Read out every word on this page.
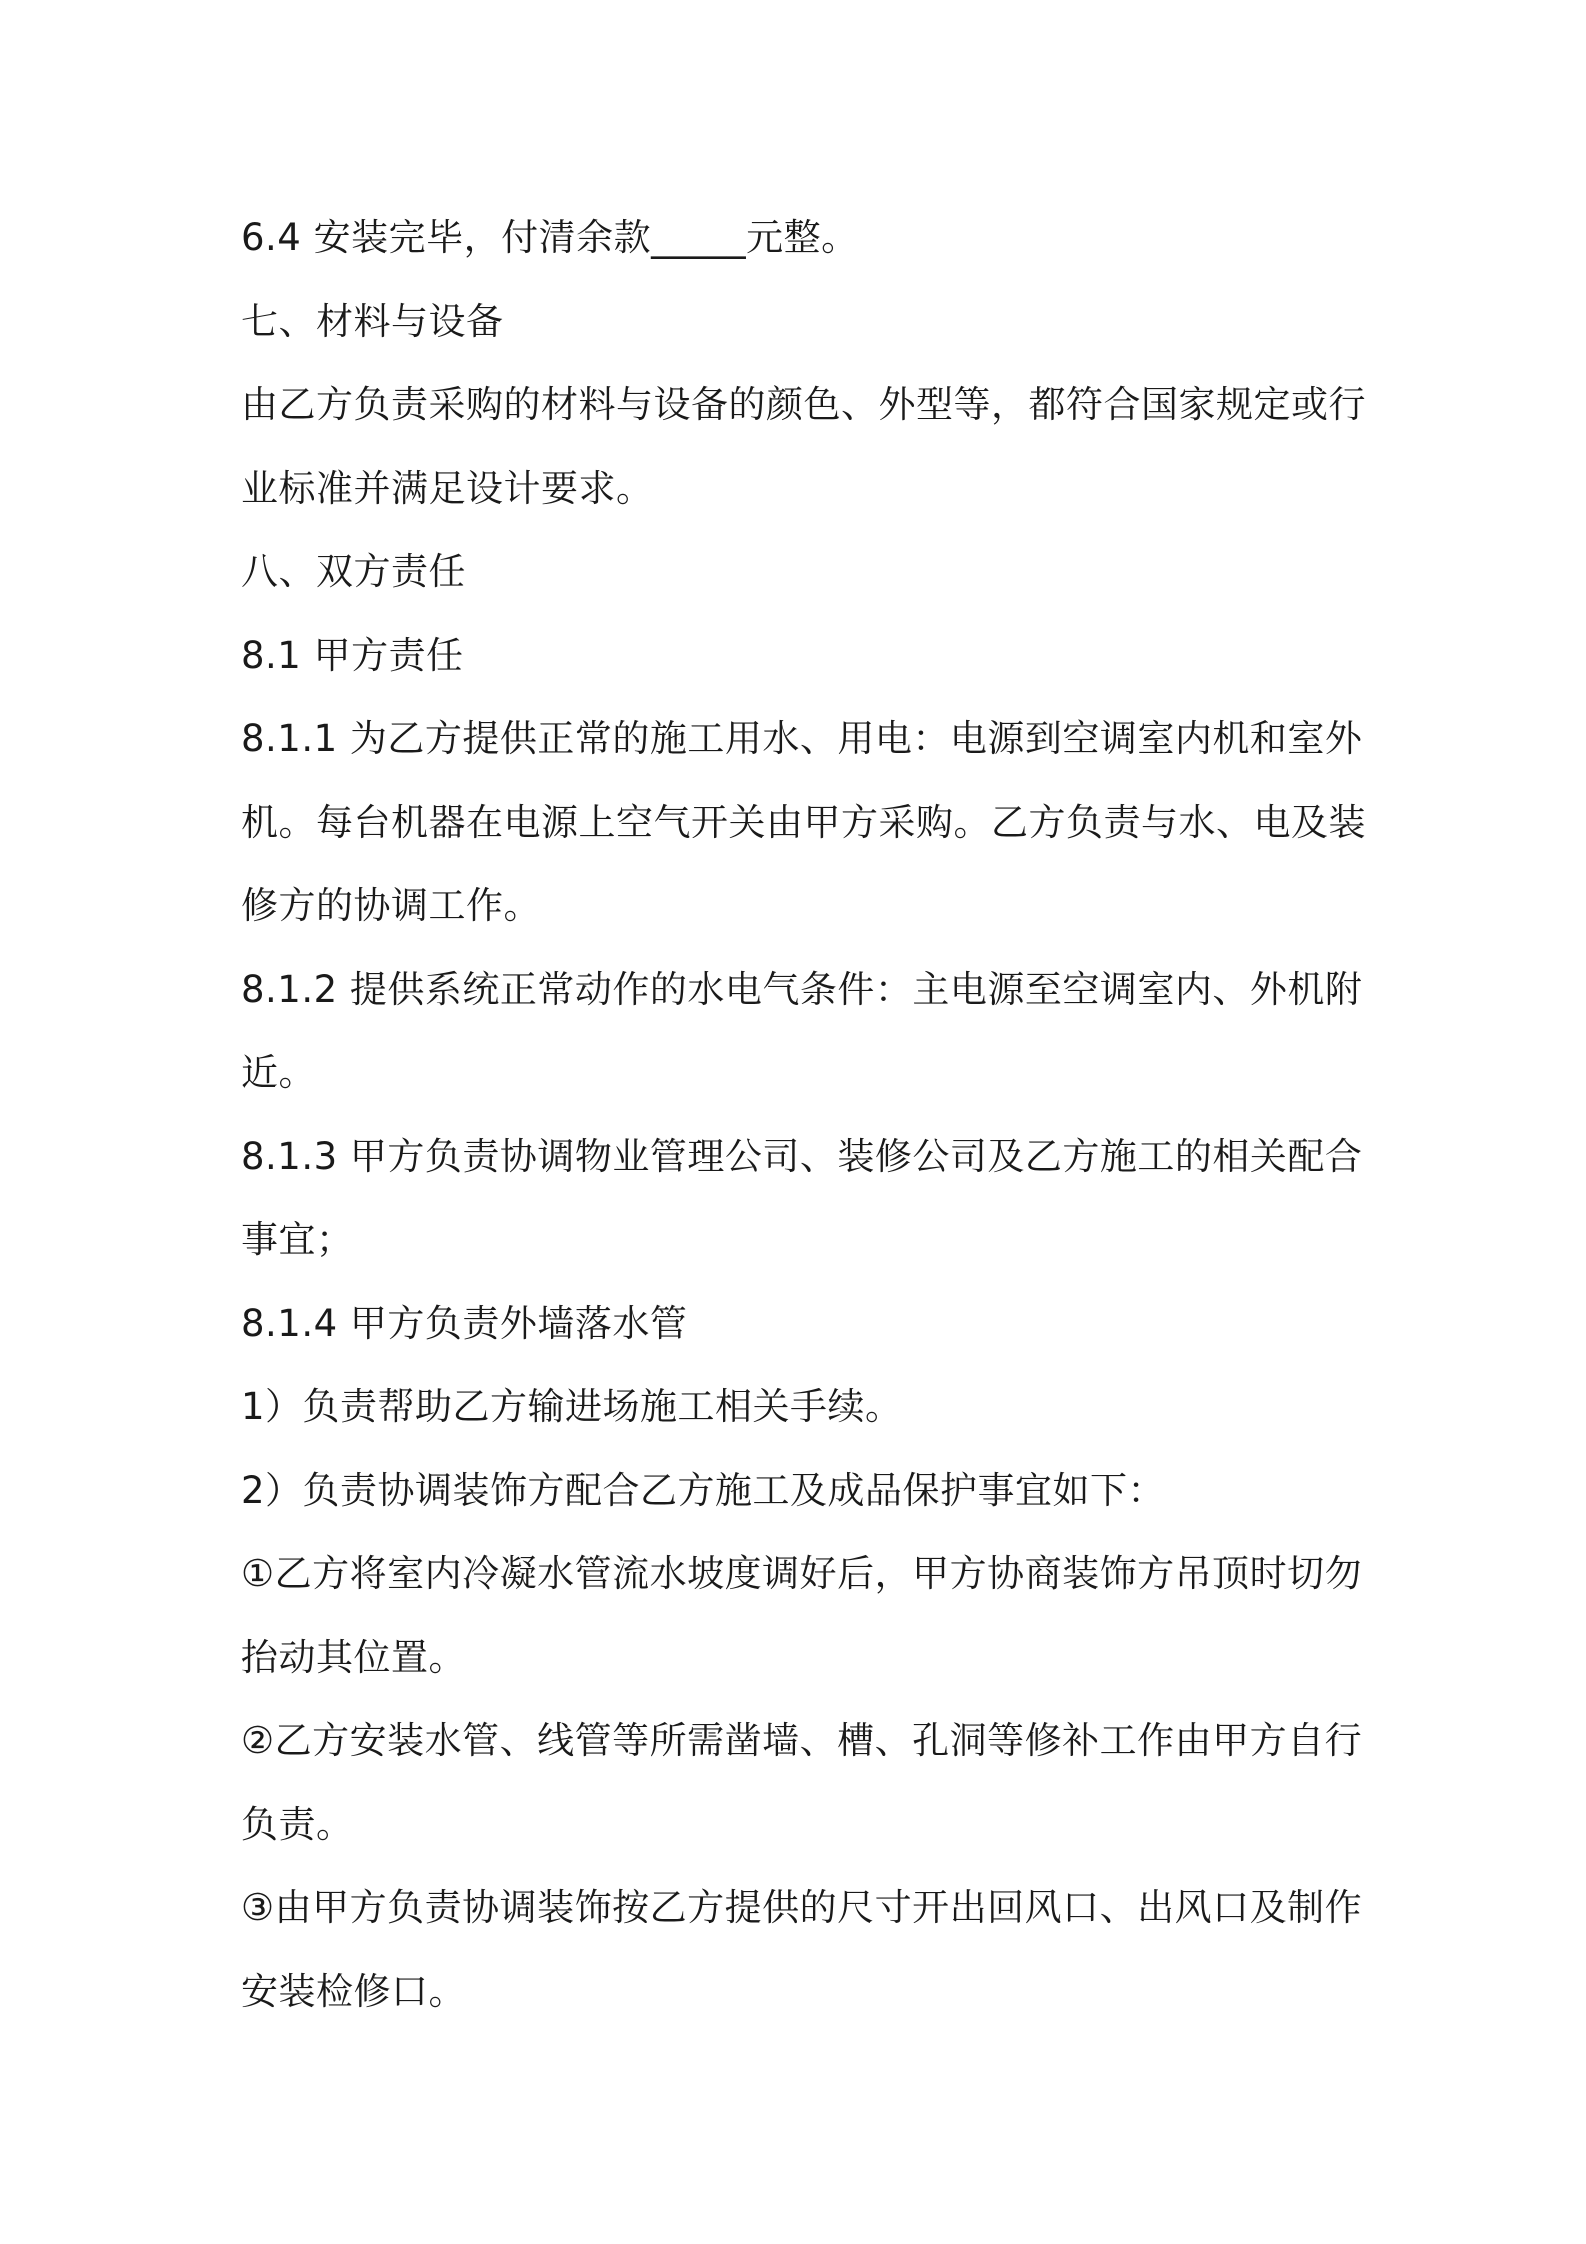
6.4 安装完毕，付清余款_____元整。
七、材料与设备
由乙方负责采购的材料与设备的颜色、外型等，都符合国家规定或行
业标准并满足设计要求。
八、双方责任
8.1 甲方责任
8.1.1 为乙方提供正常的施工用水、用电：电源到空调室内机和室外
机。每台机器在电源上空气开关由甲方采购。乙方负责与水、电及装
修方的协调工作。
8.1.2 提供系统正常动作的水电气条件：主电源至空调室内、外机附
近。
8.1.3 甲方负责协调物业管理公司、装修公司及乙方施工的相关配合
事宜；
8.1.4 甲方负责外墙落水管
1）负责帮助乙方输进场施工相关手续。
2）负责协调装饰方配合乙方施工及成品保护事宜如下：
①乙方将室内冷凝水管流水坡度调好后，甲方协商装饰方吊顶时切勿
抬动其位置。
②乙方安装水管、线管等所需凿墙、槽、孔洞等修补工作由甲方自行
负责。
③由甲方负责协调装饰按乙方提供的尺寸开出回风口、出风口及制作
安装检修口。
